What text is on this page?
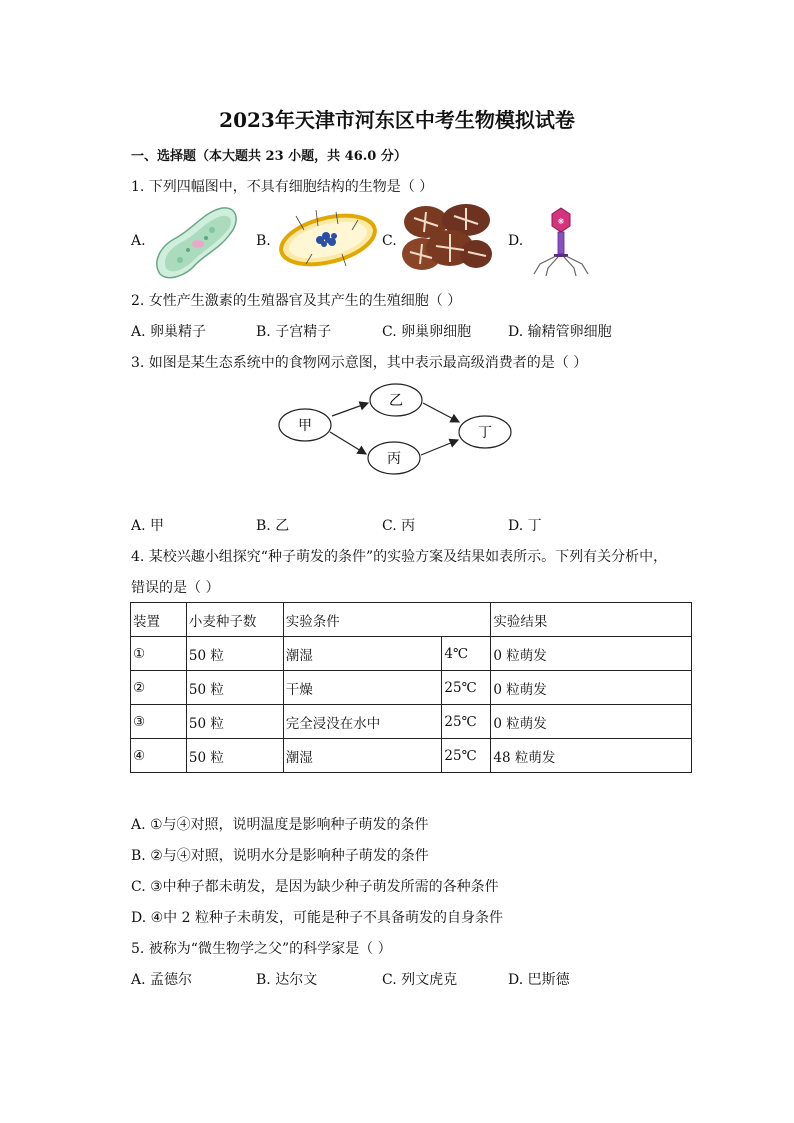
2023年天津市河东区中考生物模拟试卷
一、选择题（本大题共 23 小题，共 46.0 分）
1. 下列四幅图中，不具有细胞结构的生物是（ ）
A.	B.	C.	D.
❋
2. 女性产生激素的生殖器官及其产生的生殖细胞（ ）
A. 卵巢精子	B. 子宫精子	C. 卵巢卵细胞	D. 输精管卵细胞
3. 如图是某生态系统中的食物网示意图，其中表示最高级消费者的是（ ）
甲
乙
丙
丁
A. 甲	B. 乙	C. 丙	D. 丁
4. 某校兴趣小组探究“种子萌发的条件”的实验方案及结果如表所示。下列有关分析中，
错误的是（ ）
装置	小麦种子数	实验条件		实验结果
①	50 粒	潮湿	4℃	0 粒萌发
②	50 粒	干燥	25℃	0 粒萌发
③	50 粒	完全浸没在水中	25℃	0 粒萌发
④	50 粒	潮湿	25℃	48 粒萌发
A. ①与④对照，说明温度是影响种子萌发的条件
B. ②与④对照，说明水分是影响种子萌发的条件
C. ③中种子都未萌发，是因为缺少种子萌发所需的各种条件
D. ④中 2 粒种子未萌发，可能是种子不具备萌发的自身条件
5. 被称为“微生物学之父”的科学家是（ ）
A. 孟德尔	B. 达尔文	C. 列文虎克	D. 巴斯德
